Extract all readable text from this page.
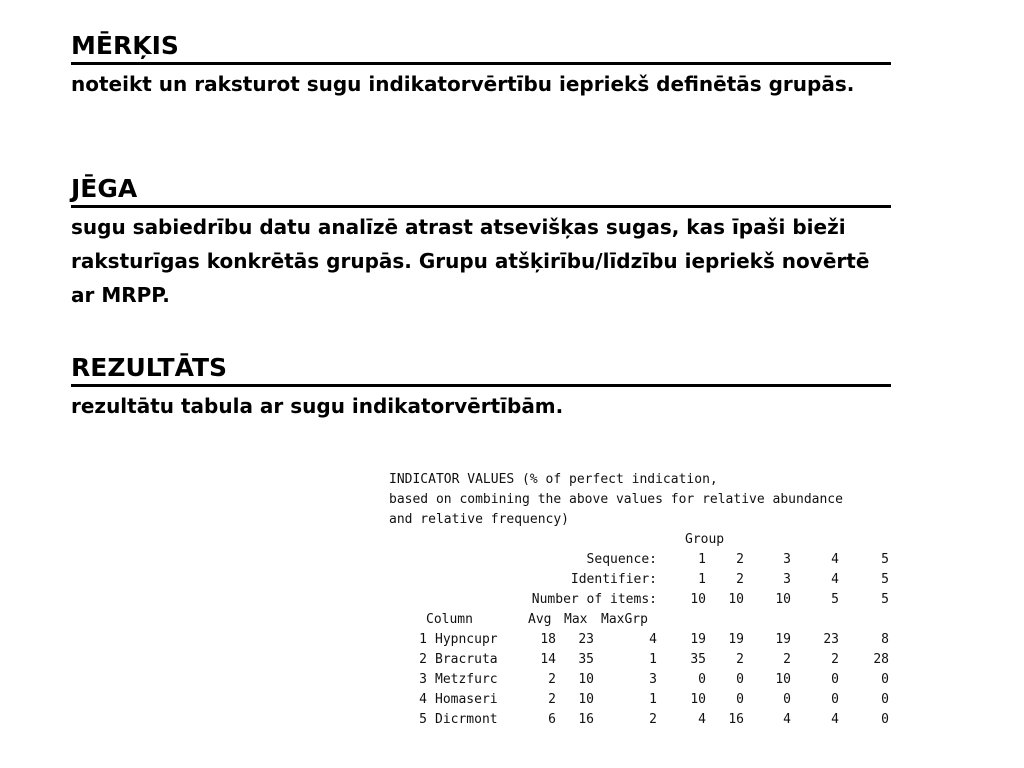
MĒRĶIS
noteikt un raksturot sugu indikatorvērtību iepriekš definētās grupās.
JĒGA
sugu sabiedrību datu analīzē atrast atsevišķas sugas, kas īpaši bieži raksturīgas konkrētās grupās. Grupu atšķirību/līdzību iepriekš novērtē ar MRPP.
REZULTĀTS
rezultātu tabula ar sugu indikatorvērtībām.

INDICATOR VALUES (% of perfect indication,

based on combining the above values for relative abundance

and relative frequency)

Group

Sequence:	1 2	3	4	5
Identifier:	1 2	3	4	5
Number of items:	10 10 10	5	5
Column	Avg Max MaxGrp
1 Hypncupr	18 23	4	19 19 19 23	8
2 Bracruta	14 35	1	35 2	2	2	28
3 Metzfurc	2 10	3	0 0 10	0	0
4 Homaseri	2 10	1	10 0	0	0	0
5 Dicrmont	6 16	2	4 16	4	4	0
